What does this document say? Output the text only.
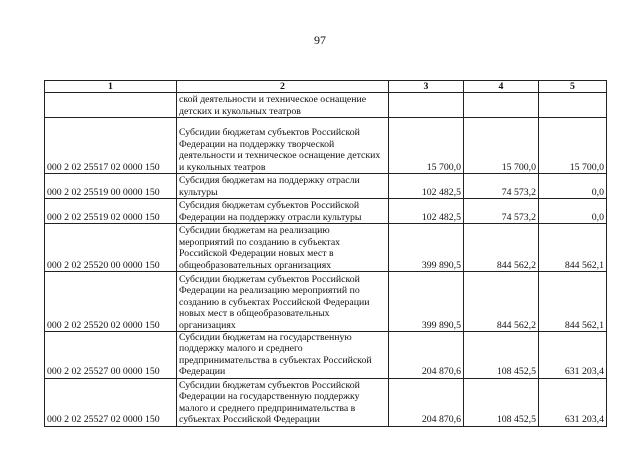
97
1	2	3	4	5
	ской деятельности и техническое оснащение детских и кукольных театров			
000 2 02 25517 02 0000 150	Субсидии бюджетам субъектов Российской Федерации на поддержку творческой деятельности и техническое оснащение детских и кукольных театров	15 700,0	15 700,0	15 700,0
000 2 02 25519 00 0000 150	Субсидия бюджетам на поддержку отрасли культуры	102 482,5	74 573,2	0,0
000 2 02 25519 02 0000 150	Субсидия бюджетам субъектов Российской Федерации на поддержку отрасли культуры	102 482,5	74 573,2	0,0
000 2 02 25520 00 0000 150	Субсидии бюджетам на реализацию мероприятий по созданию в субъектах Российской Федерации новых мест в общеобразовательных организациях	399 890,5	844 562,2	844 562,1
000 2 02 25520 02 0000 150	Субсидии бюджетам субъектов Российской Федерации на реализацию мероприятий по созданию в субъектах Российской Федерации новых мест в общеобразовательных организациях	399 890,5	844 562,2	844 562,1
000 2 02 25527 00 0000 150	Субсидии бюджетам на государственную поддержку малого и среднего предпринимательства в субъектах Российской Федерации	204 870,6	108 452,5	631 203,4
000 2 02 25527 02 0000 150	Субсидии бюджетам субъектов Российской Федерации на государственную поддержку малого и среднего предпринимательства в субъектах Российской Федерации	204 870,6	108 452,5	631 203,4
